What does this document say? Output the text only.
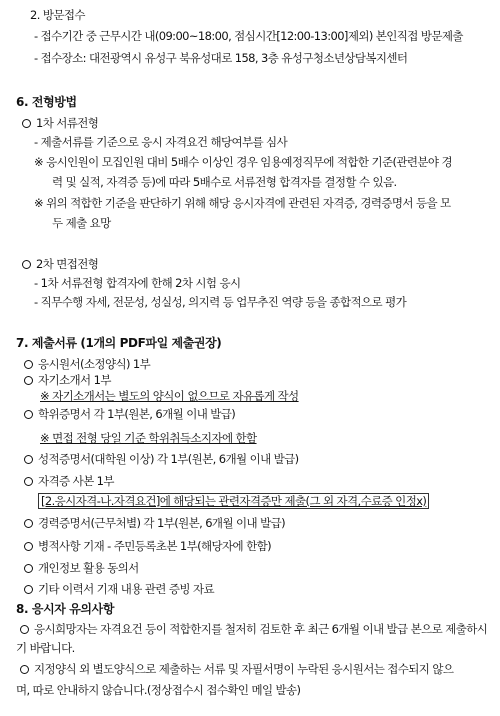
2. 방문접수
- 접수기간 중 근무시간 내(09:00~18:00, 점심시간[12:00-13:00]제외) 본인직접 방문제출
- 접수장소: 대전광역시 유성구 북유성대로 158, 3층 유성구청소년상담복지센터
6. 전형방법
1차 서류전형
- 제출서류를 기준으로 응시 자격요건 해당여부를 심사
※ 응시인원이 모집인원 대비 5배수 이상인 경우 임용예정직무에 적합한 기준(관련분야 경
력 및 실적, 자격증 등)에 따라 5배수로 서류전형 합격자를 결정할 수 있음.
※ 위의 적합한 기준을 판단하기 위해 해당 응시자격에 관련된 자격증, 경력증명서 등을 모
두 제출 요망
2차 면접전형
- 1차 서류전형 합격자에 한해 2차 시험 응시
- 직무수행 자세, 전문성, 성실성, 의지력 등 업무추진 역량 등을 종합적으로 평가
7. 제출서류 (1개의 PDF파일 제출권장)
응시원서(소정양식) 1부
자기소개서 1부
※ 자기소개서는 별도의 양식이 없으므로 자유롭게 작성
학위증명서 각 1부(원본, 6개월 이내 발급)
※ 면접 전형 당일 기준 학위취득소지자에 한함
성적증명서(대학원 이상) 각 1부(원본, 6개월 이내 발급)
자격증 사본 1부
[2.응시자격-나.자격요건]에 해당되는 관련자격증만 제출(그 외 자격,수료증 인정x)
경력증명서(근무처별) 각 1부(원본, 6개월 이내 발급)
병적사항 기재 - 주민등록초본 1부(해당자에 한함)
개인정보 활용 동의서
기타 이력서 기재 내용 관련 증빙 자료
8. 응시자 유의사항
응시희망자는 자격요건 등이 적합한지를 철저히 검토한 후 최근 6개월 이내 발급 본으로 제출하시
기 바랍니다.
지정양식 외 별도양식으로 제출하는 서류 및 자필서명이 누락된 응시원서는 접수되지 않으
며, 따로 안내하지 않습니다.(정상접수시 접수확인 메일 발송)
